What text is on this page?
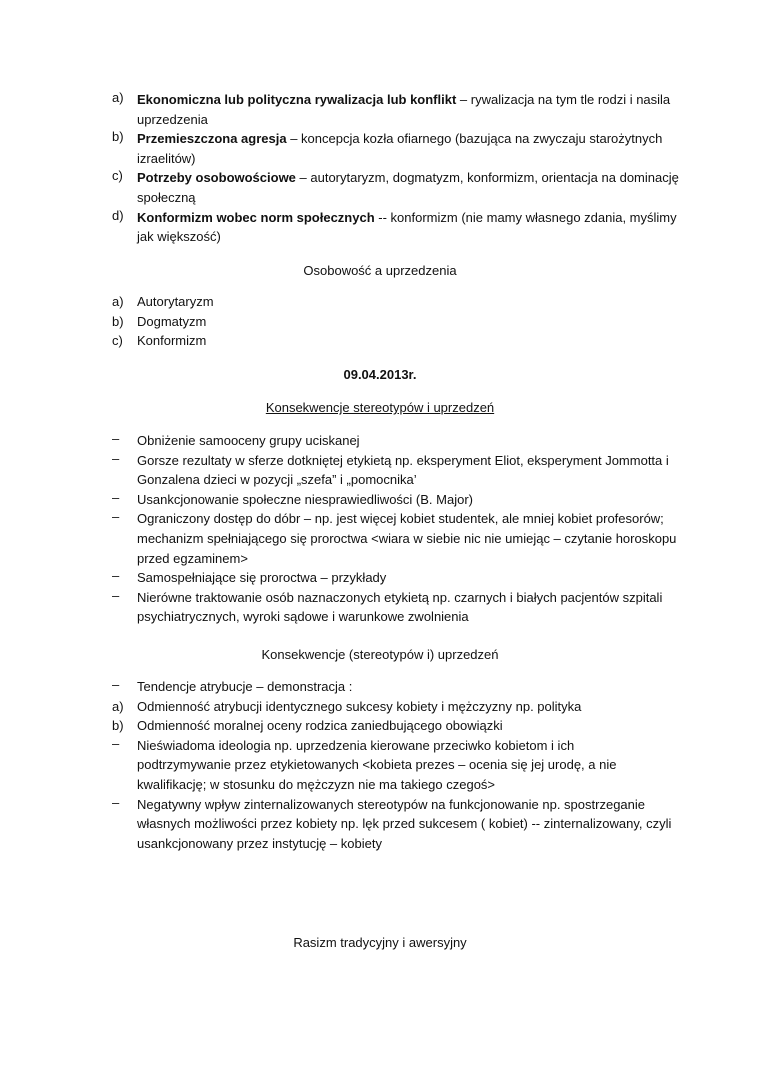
a)	Ekonomiczna lub polityczna rywalizacja lub konflikt – rywalizacja na tym tle rodzi i nasila
uprzedzenia
b)	Przemieszczona agresja – koncepcja kozła ofiarnego (bazująca na zwyczaju starożytnych
izraelitów)
c)	Potrzeby osobowościowe – autorytaryzm, dogmatyzm, konformizm, orientacja na dominację
społeczną
d)	Konformizm wobec norm społecznych -- konformizm (nie mamy własnego zdania, myślimy
jak większość)
Osobowość a uprzedzenia
a)	Autorytaryzm
b)	Dogmatyzm
c)	Konformizm
09.04.2013r.
Konsekwencje stereotypów i uprzedzeń
–	Obniżenie samooceny grupy uciskanej
–	Gorsze rezultaty w sferze dotkniętej etykietą np. eksperyment Eliot, eksperyment Jommotta i
Gonzalena dzieci w pozycji „szefa” i „pomocnika’
–	Usankcjonowanie społeczne niesprawiedliwości (B. Major)
–	Ograniczony dostęp do dóbr – np. jest więcej kobiet studentek, ale mniej kobiet profesorów;
mechanizm spełniającego się proroctwa <wiara w siebie nic nie umiejąc – czytanie horoskopu
przed egzaminem>
–	Samospełniające się proroctwa – przykłady
–	Nierówne traktowanie osób naznaczonych etykietą np. czarnych i białych pacjentów szpitali
psychiatrycznych, wyroki sądowe i warunkowe zwolnienia
Konsekwencje (stereotypów i) uprzedzeń
–	Tendencje atrybucje – demonstracja :
a)	Odmienność atrybucji identycznego sukcesy kobiety i mężczyzny np. polityka
b)	Odmienność moralnej oceny rodzica zaniedbującego obowiązki
–	Nieświadoma ideologia np. uprzedzenia kierowane przeciwko kobietom i ich
podtrzymywanie przez etykietowanych <kobieta prezes – ocenia się jej urodę, a nie
kwalifikację; w stosunku do mężczyzn nie ma takiego czegoś>
–	Negatywny wpływ zinternalizowanych stereotypów na funkcjonowanie np. spostrzeganie
własnych możliwości przez kobiety np. lęk przed sukcesem ( kobiet) -- zinternalizowany, czyli
usankcjonowany przez instytucję – kobiety
Rasizm tradycyjny i awersyjny
